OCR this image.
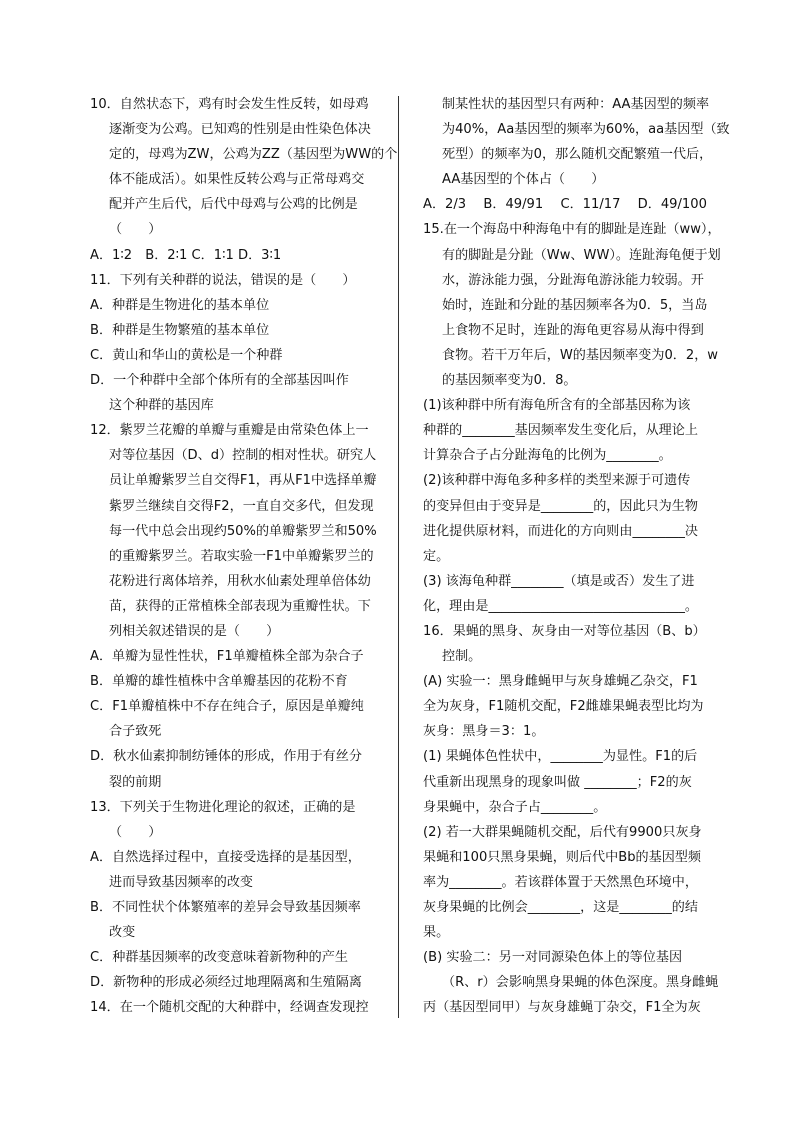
10．自然状态下，鸡有时会发生性反转，如母鸡
逐渐变为公鸡。已知鸡的性别是由性染色体决
定的，母鸡为ZW，公鸡为ZZ（基因型为WW的个
体不能成活）。如果性反转公鸡与正常母鸡交
配并产生后代，后代中母鸡与公鸡的比例是
（　　）
A．1∶2　B．2∶1 C．1∶1 D．3∶1
11．下列有关种群的说法，错误的是（　　）
A．种群是生物进化的基本单位
B．种群是生物繁殖的基本单位
C．黄山和华山的黄松是一个种群
D．一个种群中全部个体所有的全部基因叫作
这个种群的基因库
12．紫罗兰花瓣的单瓣与重瓣是由常染色体上一
对等位基因（D、d）控制的相对性状。研究人
员让单瓣紫罗兰自交得F1，再从F1中选择单瓣
紫罗兰继续自交得F2，一直自交多代，但发现
每一代中总会出现约50%的单瓣紫罗兰和50%
的重瓣紫罗兰。若取实验一F1中单瓣紫罗兰的
花粉进行离体培养，用秋水仙素处理单倍体幼
苗，获得的正常植株全部表现为重瓣性状。下
列相关叙述错误的是（　　）
A．单瓣为显性性状，F1单瓣植株全部为杂合子
B．单瓣的雄性植株中含单瓣基因的花粉不育
C．F1单瓣植株中不存在纯合子，原因是单瓣纯
合子致死
D．秋水仙素抑制纺锤体的形成，作用于有丝分
裂的前期
13．下列关于生物进化理论的叙述，正确的是
（　　）
A．自然选择过程中，直接受选择的是基因型，
进而导致基因频率的改变
B．不同性状个体繁殖率的差异会导致基因频率
改变
C．种群基因频率的改变意味着新物种的产生
D．新物种的形成必须经过地理隔离和生殖隔离
14．在一个随机交配的大种群中，经调查发现控
制某性状的基因型只有两种：AA基因型的频率
为40%，Aa基因型的频率为60%，aa基因型（致
死型）的频率为0，那么随机交配繁殖一代后，
AA基因型的个体占（　　）
A．2/3　 B．49/91　 C．11/17　 D．49/100
15.在一个海岛中种海龟中有的脚趾是连趾（ww），
有的脚趾是分趾（Ww、WW）。连趾海龟便于划
水，游泳能力强，分趾海龟游泳能力较弱。开
始时，连趾和分趾的基因频率各为0．5，当岛
上食物不足时，连趾的海龟更容易从海中得到
食物。若干万年后，W的基因频率变为0．2，w
的基因频率变为0．8。
(1)该种群中所有海龟所含有的全部基因称为该
种群的________基因频率发生变化后，从理论上
计算杂合子占分趾海龟的比例为________。
(2)该种群中海龟多种多样的类型来源于可遗传
的变异但由于变异是________的，因此只为生物
进化提供原材料，而进化的方向则由________决
定。
(3) 该海龟种群________（填是或否）发生了进
化，理由是______________________________。
16．果蝇的黑身、灰身由一对等位基因（B、b）
控制。
(A) 实验一：黑身雌蝇甲与灰身雄蝇乙杂交，F1
全为灰身，F1随机交配，F2雌雄果蝇表型比均为
灰身：黑身＝3：1。
(1) 果蝇体色性状中，________为显性。F1的后
代重新出现黑身的现象叫做 ________；F2的灰
身果蝇中，杂合子占________。
(2) 若一大群果蝇随机交配，后代有9900只灰身
果蝇和100只黑身果蝇，则后代中Bb的基因型频
率为________。若该群体置于天然黑色环境中，
灰身果蝇的比例会________，这是________的结
果。
(B) 实验二：另一对同源染色体上的等位基因
（R、r）会影响黑身果蝇的体色深度。黑身雌蝇
丙（基因型同甲）与灰身雄蝇丁杂交，F1全为灰
